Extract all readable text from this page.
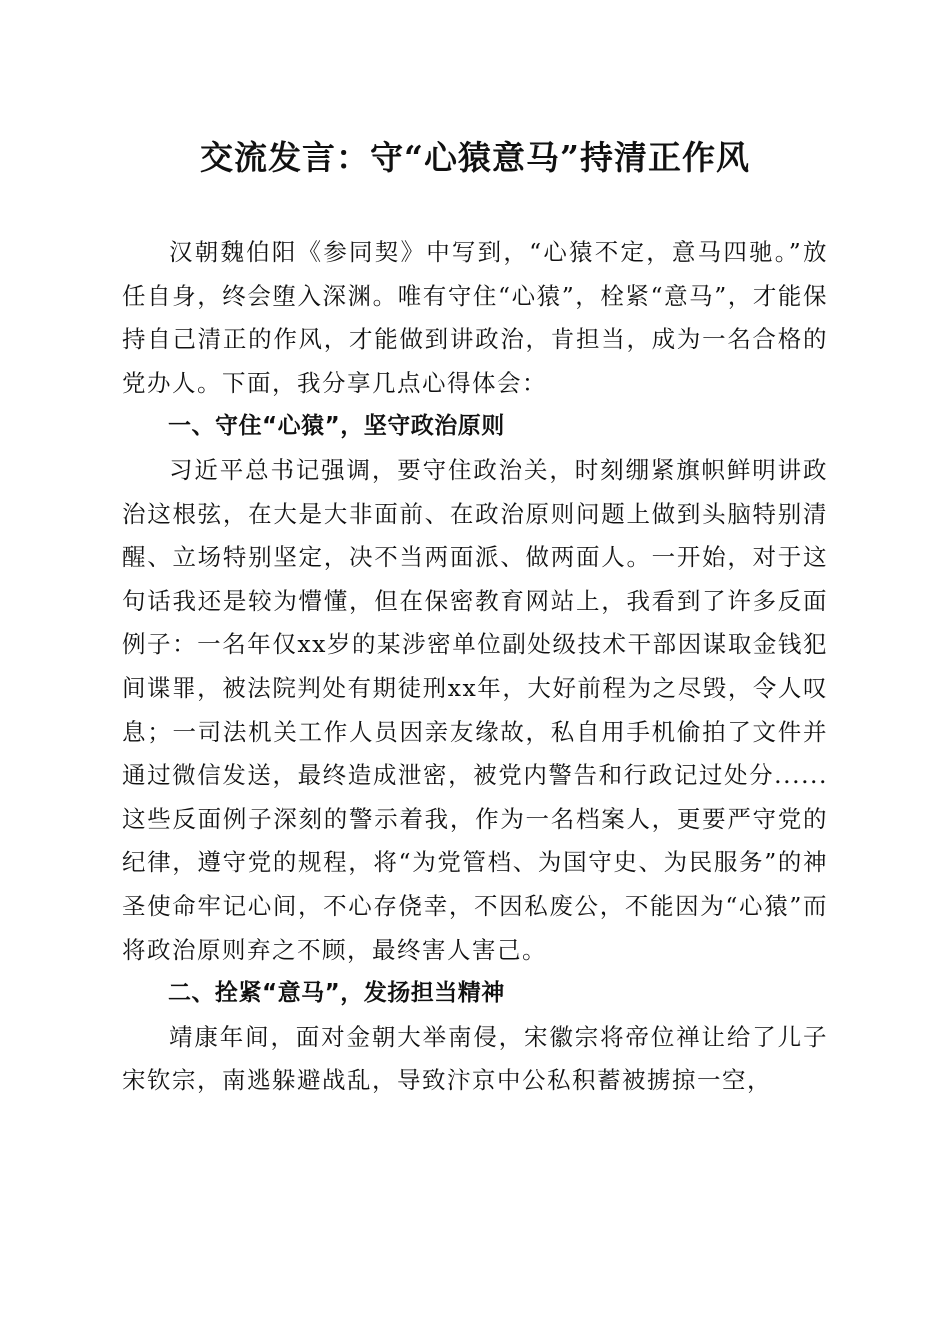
交流发言：守“心猿意马”持清正作风

汉朝魏伯阳《参同契》中写到，“心猿不定，意马四驰。”放任自身，终会堕入深渊。唯有守住“心猿”，栓紧“意马”，才能保持自己清正的作风，才能做到讲政治，肯担当，成为一名合格的党办人。下面，我分享几点心得体会：

一、守住“心猿”，坚守政治原则

习近平总书记强调，要守住政治关，时刻绷紧旗帜鲜明讲政治这根弦，在大是大非面前、在政治原则问题上做到头脑特别清醒、立场特别坚定，决不当两面派、做两面人。一开始，对于这句话我还是较为懵懂，但在保密教育网站上，我看到了许多反面例子：一名年仅xx岁的某涉密单位副处级技术干部因谋取金钱犯间谍罪，被法院判处有期徒刑xx年，大好前程为之尽毁，令人叹息；一司法机关工作人员因亲友缘故，私自用手机偷拍了文件并通过微信发送，最终造成泄密，被党内警告和行政记过处分......这些反面例子深刻的警示着我，作为一名档案人，更要严守党的纪律，遵守党的规程，将“为党管档、为国守史、为民服务”的神圣使命牢记心间，不心存侥幸，不因私废公，不能因为“心猿”而将政治原则弃之不顾，最终害人害己。

二、拴紧“意马”，发扬担当精神

靖康年间，面对金朝大举南侵，宋徽宗将帝位禅让给了儿子宋钦宗，南逃躲避战乱，导致汴京中公私积蓄被掳掠一空，
